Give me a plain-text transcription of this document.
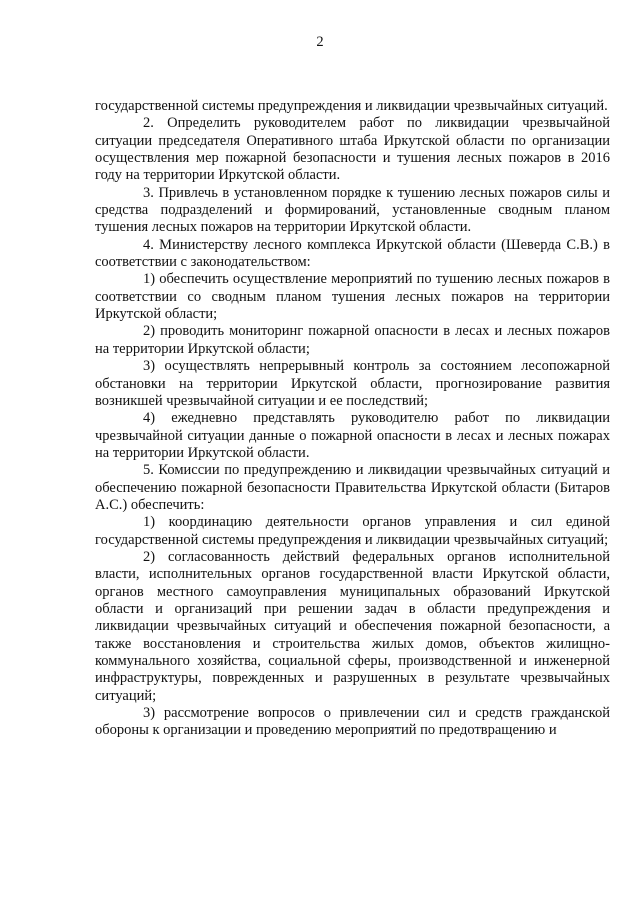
2

государственной системы предупреждения и ликвидации чрезвычайных ситуаций.

2. Определить руководителем работ по ликвидации чрезвычайной ситуации председателя Оперативного штаба Иркутской области по организации осуществления мер пожарной безопасности и тушения лесных пожаров в 2016 году на территории Иркутской области.

3. Привлечь в установленном порядке к тушению лесных пожаров силы и средства подразделений и формирований, установленные сводным планом тушения лесных пожаров на территории Иркутской области.

4. Министерству лесного комплекса Иркутской области (Шеверда С.В.) в соответствии с законодательством:

1) обеспечить осуществление мероприятий по тушению лесных пожаров в соответствии со сводным планом тушения лесных пожаров на территории Иркутской области;

2) проводить мониторинг пожарной опасности в лесах и лесных пожаров на территории Иркутской области;

3) осуществлять непрерывный контроль за состоянием лесопожарной обстановки на территории Иркутской области, прогнозирование развития возникшей чрезвычайной ситуации и ее последствий;

4) ежедневно представлять руководителю работ по ликвидации чрезвычайной ситуации данные о пожарной опасности в лесах и лесных пожарах на территории Иркутской области.

5. Комиссии по предупреждению и ликвидации чрезвычайных ситуаций и обеспечению пожарной безопасности Правительства Иркутской области (Битаров А.С.) обеспечить:

1) координацию деятельности органов управления и сил единой государственной системы предупреждения и ликвидации чрезвычайных ситуаций;

2) согласованность действий федеральных органов исполнительной власти, исполнительных органов государственной власти Иркутской области, органов местного самоуправления муниципальных образований Иркутской области и организаций при решении задач в области предупреждения и ликвидации чрезвычайных ситуаций и обеспечения пожарной безопасности, а также восстановления и строительства жилых домов, объектов жилищно-коммунального хозяйства, социальной сферы, производственной и инженерной инфраструктуры, поврежденных и разрушенных в результате чрезвычайных ситуаций;

3) рассмотрение вопросов о привлечении сил и средств гражданской обороны к организации и проведению мероприятий по предотвращению и
